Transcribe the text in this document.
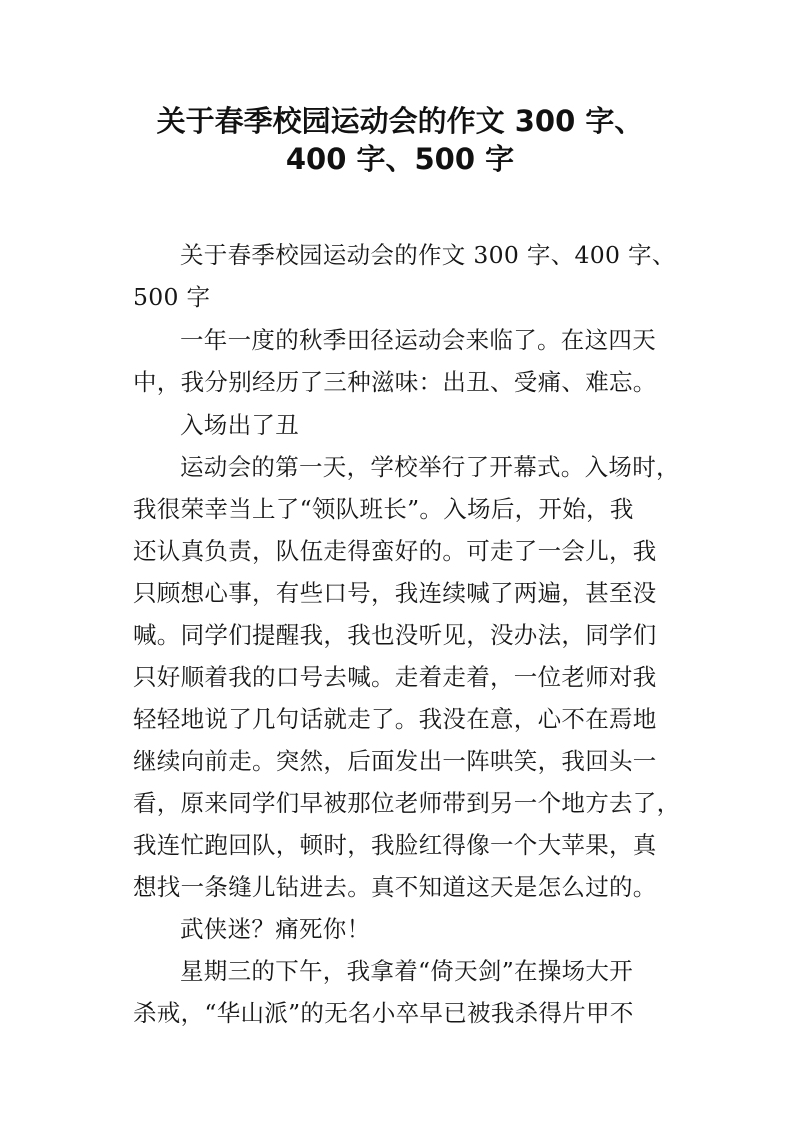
关于春季校园运动会的作文 300 字、
400 字、500 字
关于春季校园运动会的作文 300 字、400 字、
500 字
一年一度的秋季田径运动会来临了。在这四天
中，我分别经历了三种滋味：出丑、受痛、难忘。
入场出了丑
运动会的第一天，学校举行了开幕式。入场时，
我很荣幸当上了“领队班长”。入场后，开始，我
还认真负责，队伍走得蛮好的。可走了一会儿，我
只顾想心事，有些口号，我连续喊了两遍，甚至没
喊。同学们提醒我，我也没听见，没办法，同学们
只好顺着我的口号去喊。走着走着，一位老师对我
轻轻地说了几句话就走了。我没在意，心不在焉地
继续向前走。突然，后面发出一阵哄笑，我回头一
看，原来同学们早被那位老师带到另一个地方去了，
我连忙跑回队，顿时，我脸红得像一个大苹果，真
想找一条缝儿钻进去。真不知道这天是怎么过的。
武侠迷？痛死你！
星期三的下午，我拿着“倚天剑”在操场大开
杀戒，“华山派”的无名小卒早已被我杀得片甲不
